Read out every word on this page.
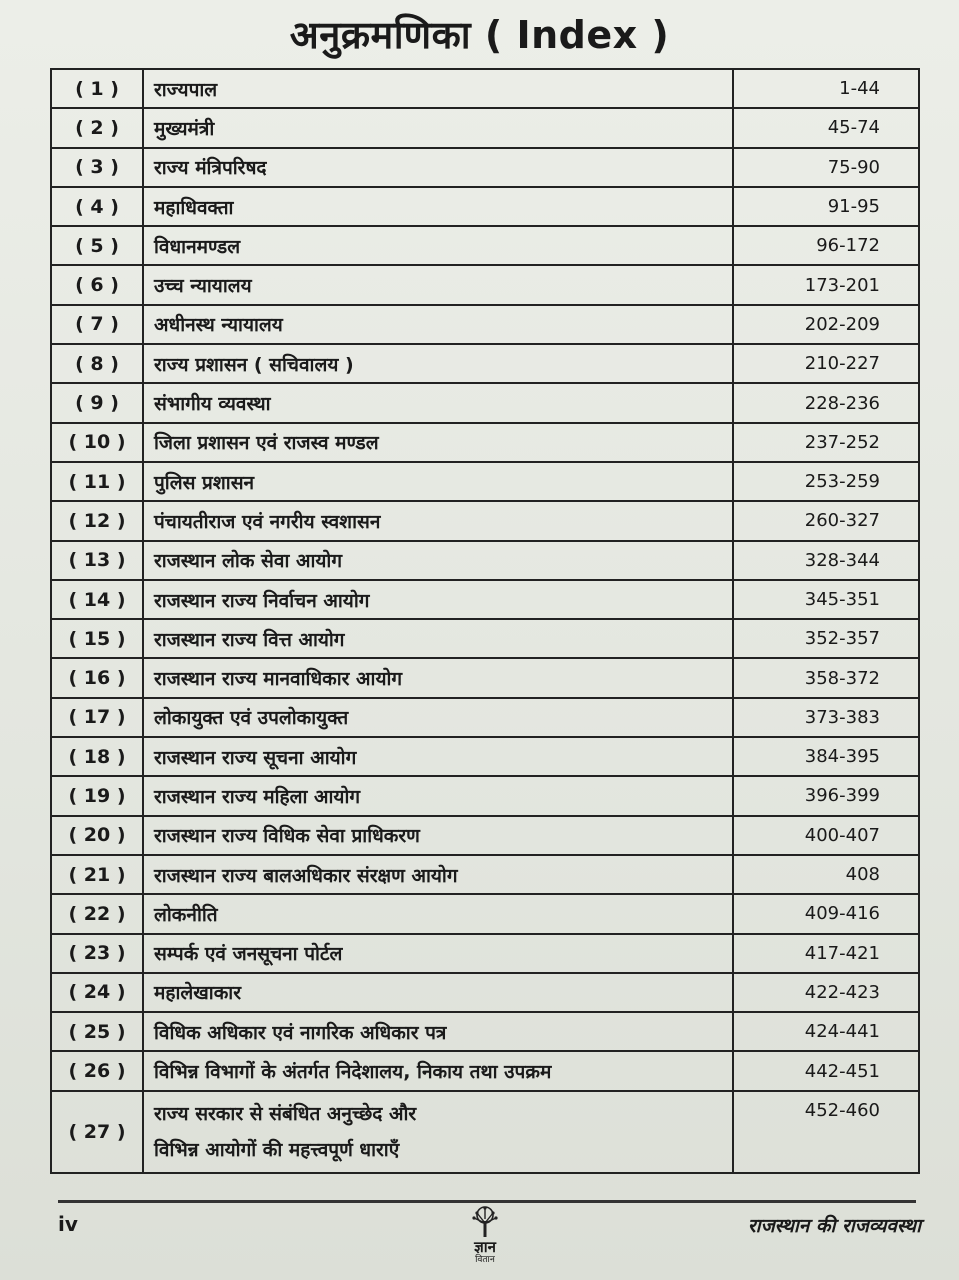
अनुक्रमणिका ( Index )
( 1 )	राज्यपाल	1-44
( 2 )	मुख्यमंत्री	45-74
( 3 )	राज्य मंत्रिपरिषद	75-90
( 4 )	महाधिवक्ता	91-95
( 5 )	विधानमण्डल	96-172
( 6 )	उच्च न्यायालय	173-201
( 7 )	अधीनस्थ न्यायालय	202-209
( 8 )	राज्य प्रशासन ( सचिवालय )	210-227
( 9 )	संभागीय व्यवस्था	228-236
( 10 )	जिला प्रशासन एवं राजस्व मण्डल	237-252
( 11 )	पुलिस प्रशासन	253-259
( 12 )	पंचायतीराज एवं नगरीय स्वशासन	260-327
( 13 )	राजस्थान लोक सेवा आयोग	328-344
( 14 )	राजस्थान राज्य निर्वाचन आयोग	345-351
( 15 )	राजस्थान राज्य वित्त आयोग	352-357
( 16 )	राजस्थान राज्य मानवाधिकार आयोग	358-372
( 17 )	लोकायुक्त एवं उपलोकायुक्त	373-383
( 18 )	राजस्थान राज्य सूचना आयोग	384-395
( 19 )	राजस्थान राज्य महिला आयोग	396-399
( 20 )	राजस्थान राज्य विधिक सेवा प्राधिकरण	400-407
( 21 )	राजस्थान राज्य बालअधिकार संरक्षण आयोग	408
( 22 )	लोकनीति	409-416
( 23 )	सम्पर्क एवं जनसूचना पोर्टल	417-421
( 24 )	महालेखाकार	422-423
( 25 )	विधिक अधिकार एवं नागरिक अधिकार पत्र	424-441
( 26 )	विभिन्न विभागों के अंतर्गत निदेशालय, निकाय तथा उपक्रम	442-451
( 27 )	राज्य सरकार से संबंधित अनुच्छेद और
विभिन्न आयोगों की महत्त्वपूर्ण धाराएँ	452-460
iv
ज्ञान
वितान
राजस्थान की राजव्यवस्था
